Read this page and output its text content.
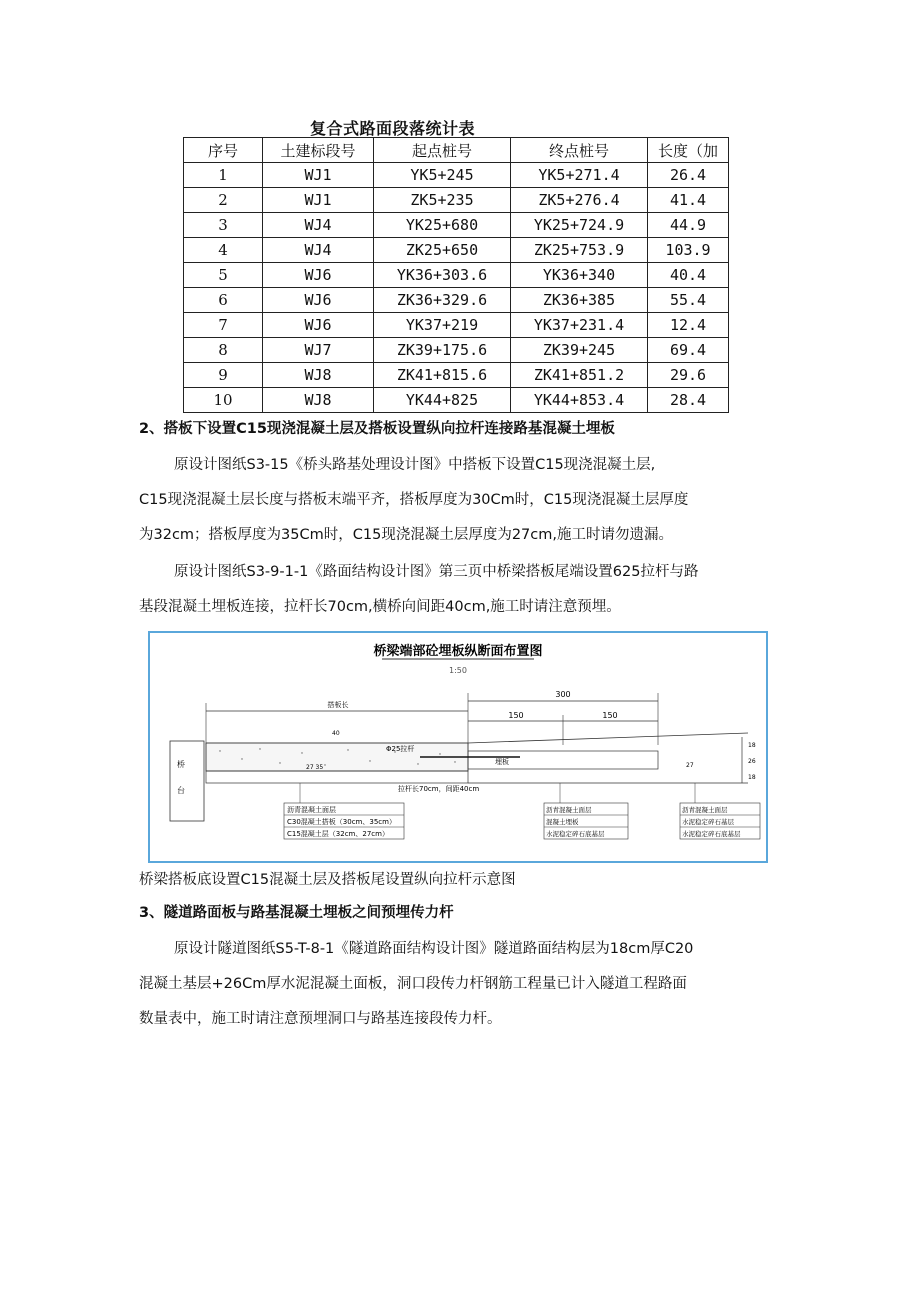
复合式路面段落统计表
序号	土建标段号	起点桩号	终点桩号	长度（加
1	WJ1	YK5+245	YK5+271.4	26.4
2	WJ1	ZK5+235	ZK5+276.4	41.4
3	WJ4	YK25+680	YK25+724.9	44.9
4	WJ4	ZK25+650	ZK25+753.9	103.9
5	WJ6	YK36+303.6	YK36+340	40.4
6	WJ6	ZK36+329.6	ZK36+385	55.4
7	WJ6	YK37+219	YK37+231.4	12.4
8	WJ7	ZK39+175.6	ZK39+245	69.4
9	WJ8	ZK41+815.6	ZK41+851.2	29.6
10	WJ8	YK44+825	YK44+853.4	28.4
2、搭板下设置C15现浇混凝土层及搭板设置纵向拉杆连接路基混凝土埋板
原设计图纸S3-15《桥头路基处理设计图》中搭板下设置C15现浇混凝土层,
C15现浇混凝土层长度与搭板末端平齐，搭板厚度为30Cm时，C15现浇混凝土层厚度
为32cm；搭板厚度为35Cm时，C15现浇混凝土层厚度为27cm,施工时请勿遗漏。
原设计图纸S3-9-1-1《路面结构设计图》第三页中桥梁搭板尾端设置625拉杆与路
基段混凝土埋板连接，拉杆长70cm,横桥向间距40cm,施工时请注意预埋。
桥梁端部砼埋板纵断面布置图
1:50
300
150	150
搭板长
40
桥
台
Φ25拉杆
拉杆长70cm，间距40cm
埋板
27 35	27
18
26
18
沥青混凝土面层
C30混凝土搭板（30cm、35cm）
C15混凝土层（32cm、27cm）
沥青混凝土面层
混凝土埋板
水泥稳定碎石底基层
沥青混凝土面层
水泥稳定碎石基层
水泥稳定碎石底基层
桥梁搭板底设置C15混凝土层及搭板尾设置纵向拉杆示意图
3、隧道路面板与路基混凝土埋板之间预埋传力杆
原设计隧道图纸S5-T-8-1《隧道路面结构设计图》隧道路面结构层为18cm厚C20
混凝土基层+26Cm厚水泥混凝土面板，洞口段传力杆钢筋工程量已计入隧道工程路面
数量表中，施工时请注意预埋洞口与路基连接段传力杆。
